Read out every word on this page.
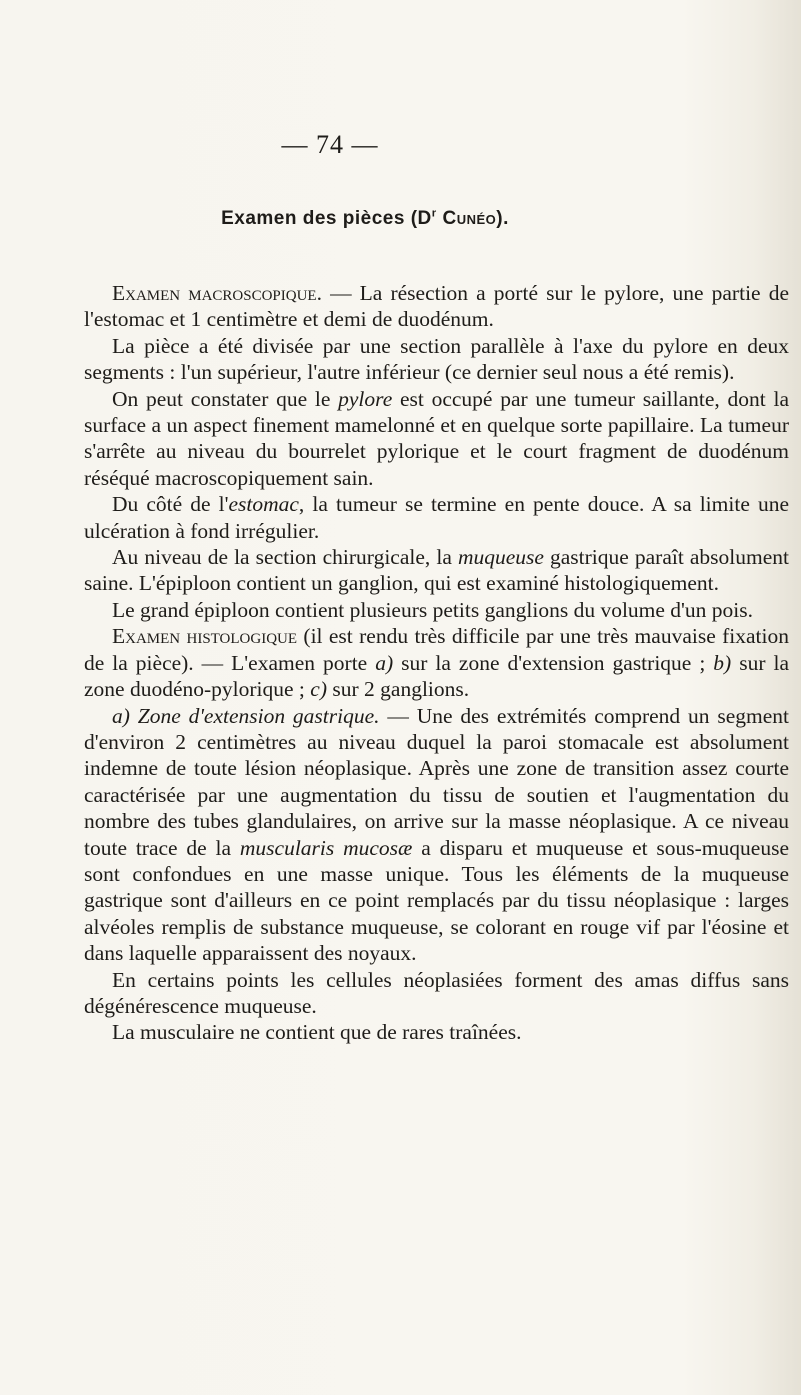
— 74 —
Examen des pièces ($D^r$ Cunéo).

Examen macroscopique. — La résection a porté sur le pylore, une partie de l'estomac et 1 centimètre et demi de duodénum.

La pièce a été divisée par une section parallèle à l'axe du pylore en deux segments : l'un supérieur, l'autre inférieur (ce dernier seul nous a été remis).

On peut constater que le pylore est occupé par une tumeur saillante, dont la surface a un aspect finement mamelonné et en quelque sorte papillaire. La tumeur s'arrête au niveau du bourrelet pylorique et le court fragment de duodénum réséqué macroscopiquement sain.

Du côté de l'estomac, la tumeur se termine en pente douce. A sa limite une ulcération à fond irrégulier.

Au niveau de la section chirurgicale, la muqueuse gastrique paraît absolument saine. L'épiploon contient un ganglion, qui est examiné histologiquement.

Le grand épiploon contient plusieurs petits ganglions du volume d'un pois.

Examen histologique (il est rendu très difficile par une très mauvaise fixation de la pièce). — L'examen porte a) sur la zone d'extension gastrique ; b) sur la zone duodéno-pylorique ; c) sur 2 ganglions.

a) Zone d'extension gastrique. — Une des extrémités comprend un segment d'environ 2 centimètres au niveau duquel la paroi stomacale est absolument indemne de toute lésion néoplasique. Après une zone de transition assez courte caractérisée par une augmentation du tissu de soutien et l'augmentation du nombre des tubes glandulaires, on arrive sur la masse néoplasique. A ce niveau toute trace de la muscularis mucosæ a disparu et muqueuse et sous-muqueuse sont confondues en une masse unique. Tous les éléments de la muqueuse gastrique sont d'ailleurs en ce point remplacés par du tissu néoplasique : larges alvéoles remplis de substance muqueuse, se colorant en rouge vif par l'éosine et dans laquelle apparaissent des noyaux.

En certains points les cellules néoplasiées forment des amas diffus sans dégénérescence muqueuse.

La musculaire ne contient que de rares traînées.
